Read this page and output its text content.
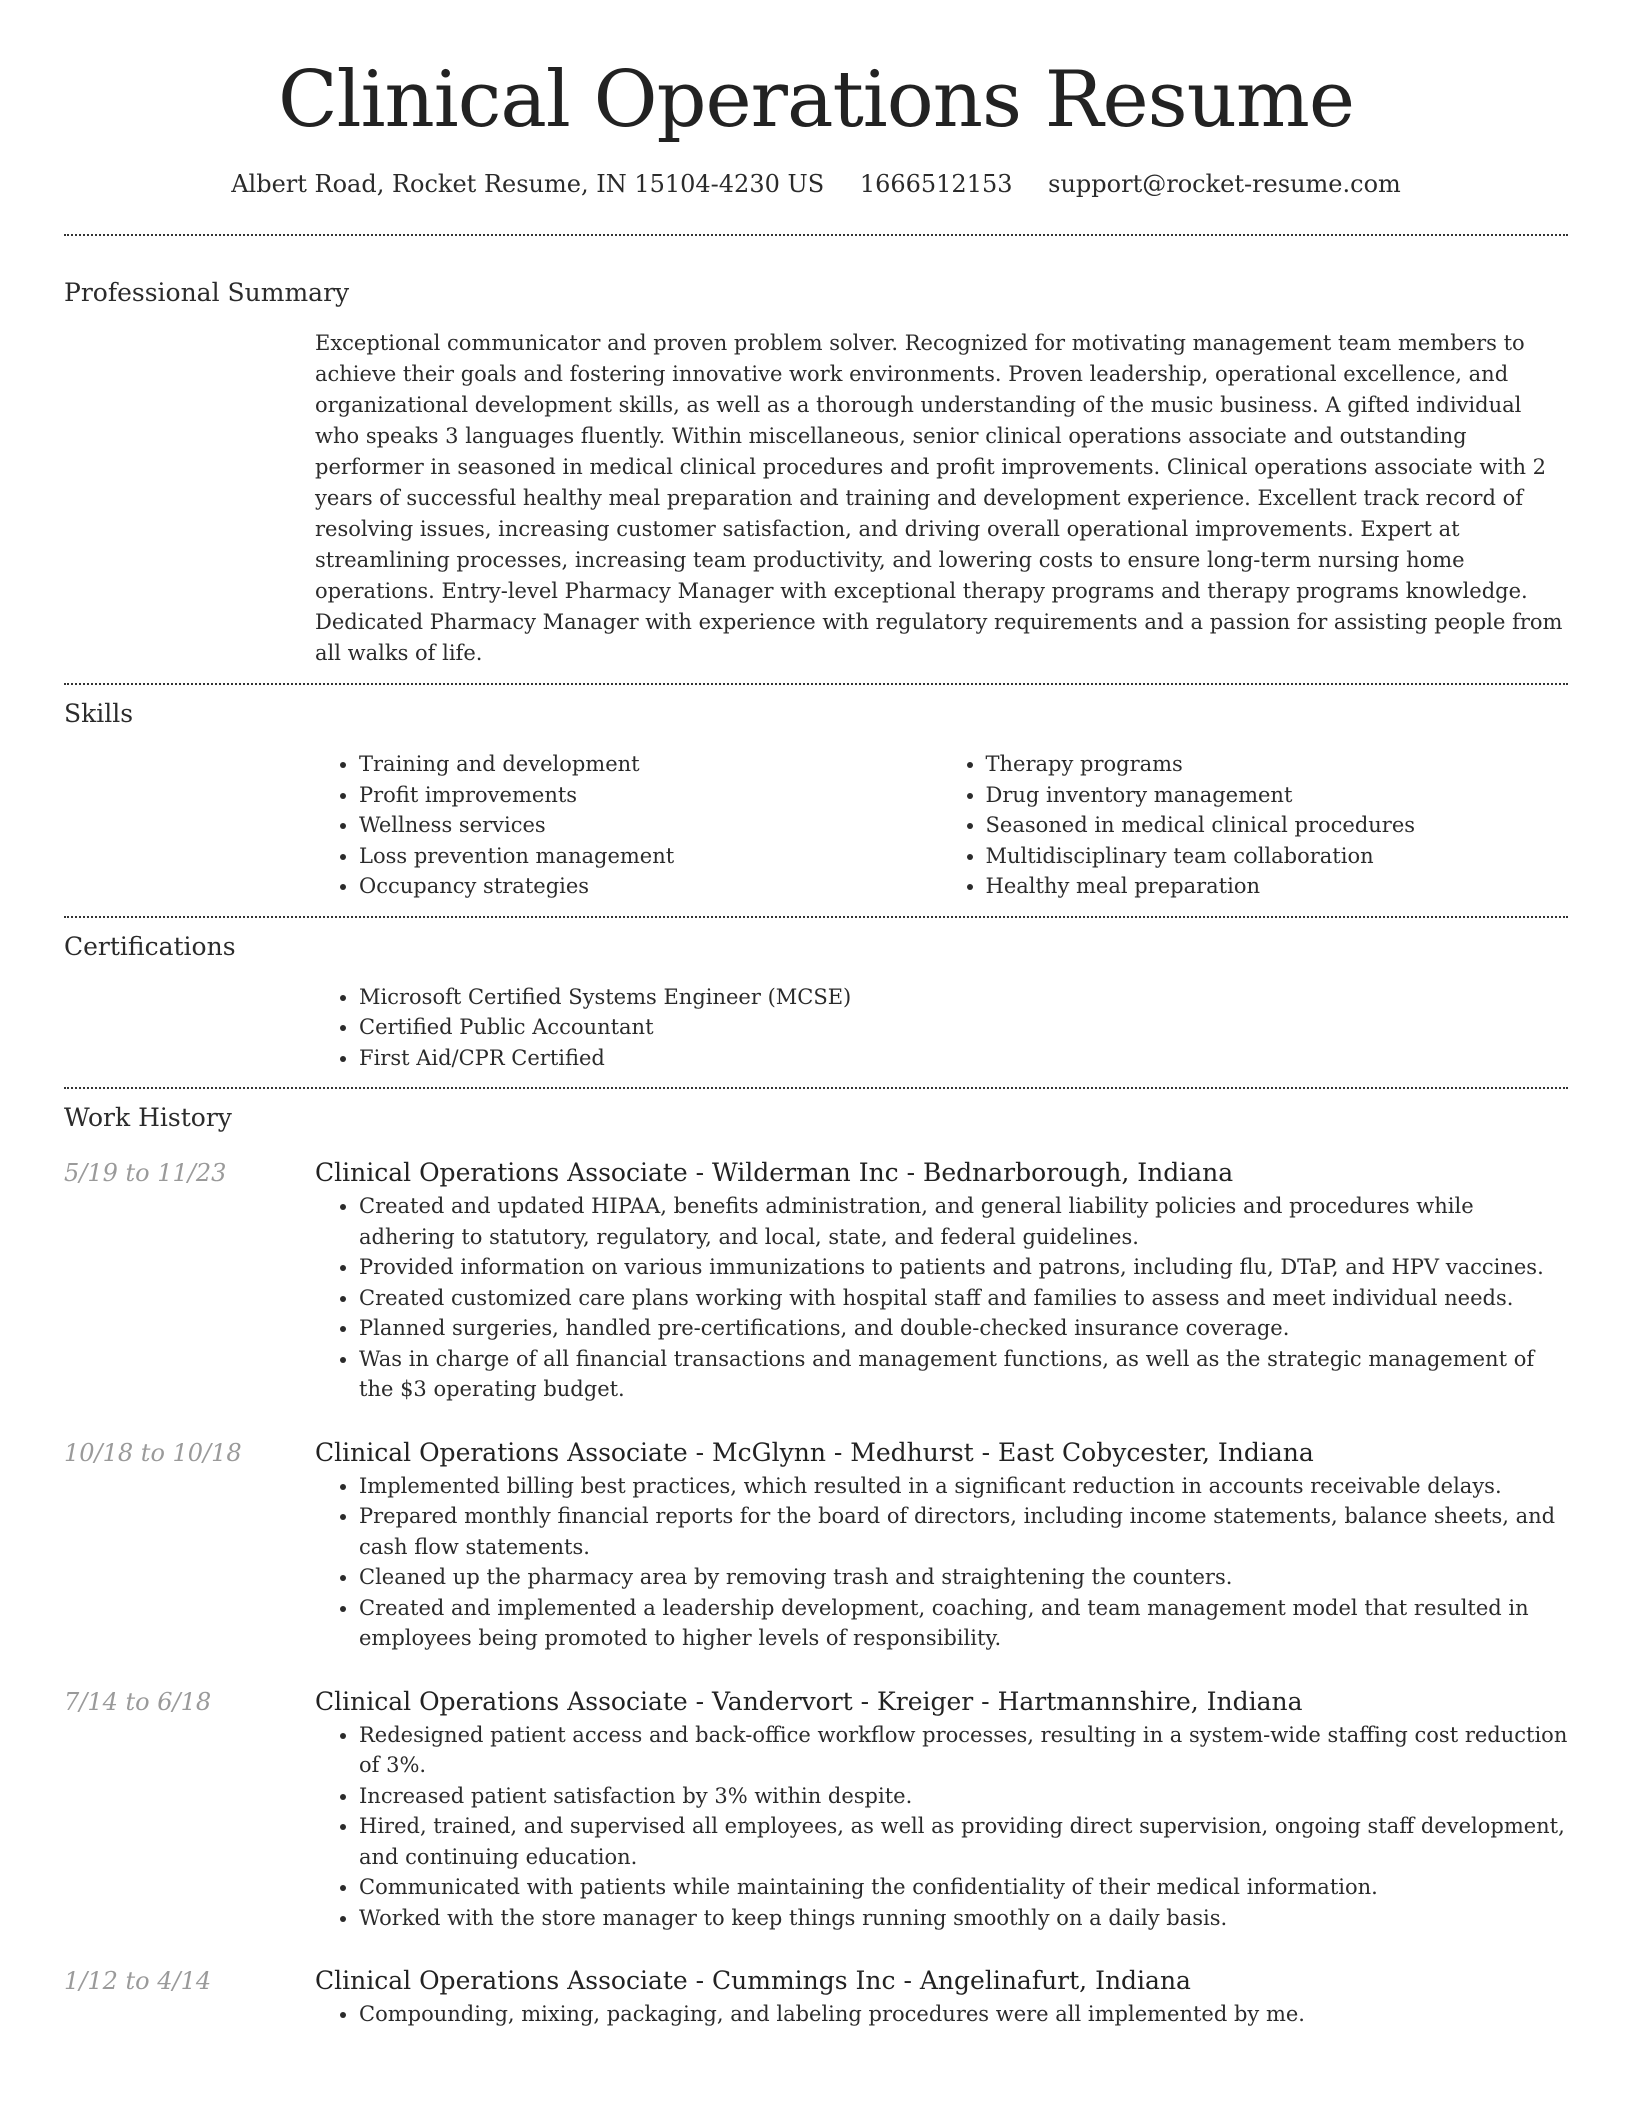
Clinical Operations Resume
Albert Road, Rocket Resume, IN 15104-4230 US 1666512153 support@rocket-resume.com
Professional Summary

Exceptional communicator and proven problem solver. Recognized for motivating management team members to achieve their goals and fostering innovative work environments. Proven leadership, operational excellence, and organizational development skills, as well as a thorough understanding of the music business. A gifted individual who speaks 3 languages fluently. Within miscellaneous, senior clinical operations associate and outstanding performer in seasoned in medical clinical procedures and profit improvements. Clinical operations associate with 2 years of successful healthy meal preparation and training and development experience. Excellent track record of resolving issues, increasing customer satisfaction, and driving overall operational improvements. Expert at streamlining processes, increasing team productivity, and lowering costs to ensure long-term nursing home operations. Entry-level Pharmacy Manager with exceptional therapy programs and therapy programs knowledge. Dedicated Pharmacy Manager with experience with regulatory requirements and a passion for assisting people from all walks of life.

Skills
• Training and development
• Profit improvements
• Wellness services
• Loss prevention management
• Occupancy strategies
• Therapy programs
• Drug inventory management
• Seasoned in medical clinical procedures
• Multidisciplinary team collaboration
• Healthy meal preparation
Certifications
• Microsoft Certified Systems Engineer (MCSE)
• Certified Public Accountant
• First Aid/CPR Certified
Work History
5/19 to 11/23	Clinical Operations Associate - Wilderman Inc - Bednarborough, Indiana
• Created and updated HIPAA, benefits administration, and general liability policies and procedures while adhering to statutory, regulatory, and local, state, and federal guidelines.
• Provided information on various immunizations to patients and patrons, including flu, DTaP, and HPV vaccines.
• Created customized care plans working with hospital staff and families to assess and meet individual needs.
• Planned surgeries, handled pre-certifications, and double-checked insurance coverage.
• Was in charge of all financial transactions and management functions, as well as the strategic management of the $3 operating budget.
10/18 to 10/18	Clinical Operations Associate - McGlynn - Medhurst - East Cobycester, Indiana
• Implemented billing best practices, which resulted in a significant reduction in accounts receivable delays.
• Prepared monthly financial reports for the board of directors, including income statements, balance sheets, and cash flow statements.
• Cleaned up the pharmacy area by removing trash and straightening the counters.
• Created and implemented a leadership development, coaching, and team management model that resulted in employees being promoted to higher levels of responsibility.
7/14 to 6/18	Clinical Operations Associate - Vandervort - Kreiger - Hartmannshire, Indiana
• Redesigned patient access and back-office workflow processes, resulting in a system-wide staffing cost reduction of 3%.
• Increased patient satisfaction by 3% within despite.
• Hired, trained, and supervised all employees, as well as providing direct supervision, ongoing staff development, and continuing education.
• Communicated with patients while maintaining the confidentiality of their medical information.
• Worked with the store manager to keep things running smoothly on a daily basis.
1/12 to 4/14	Clinical Operations Associate - Cummings Inc - Angelinafurt, Indiana
• Compounding, mixing, packaging, and labeling procedures were all implemented by me.
